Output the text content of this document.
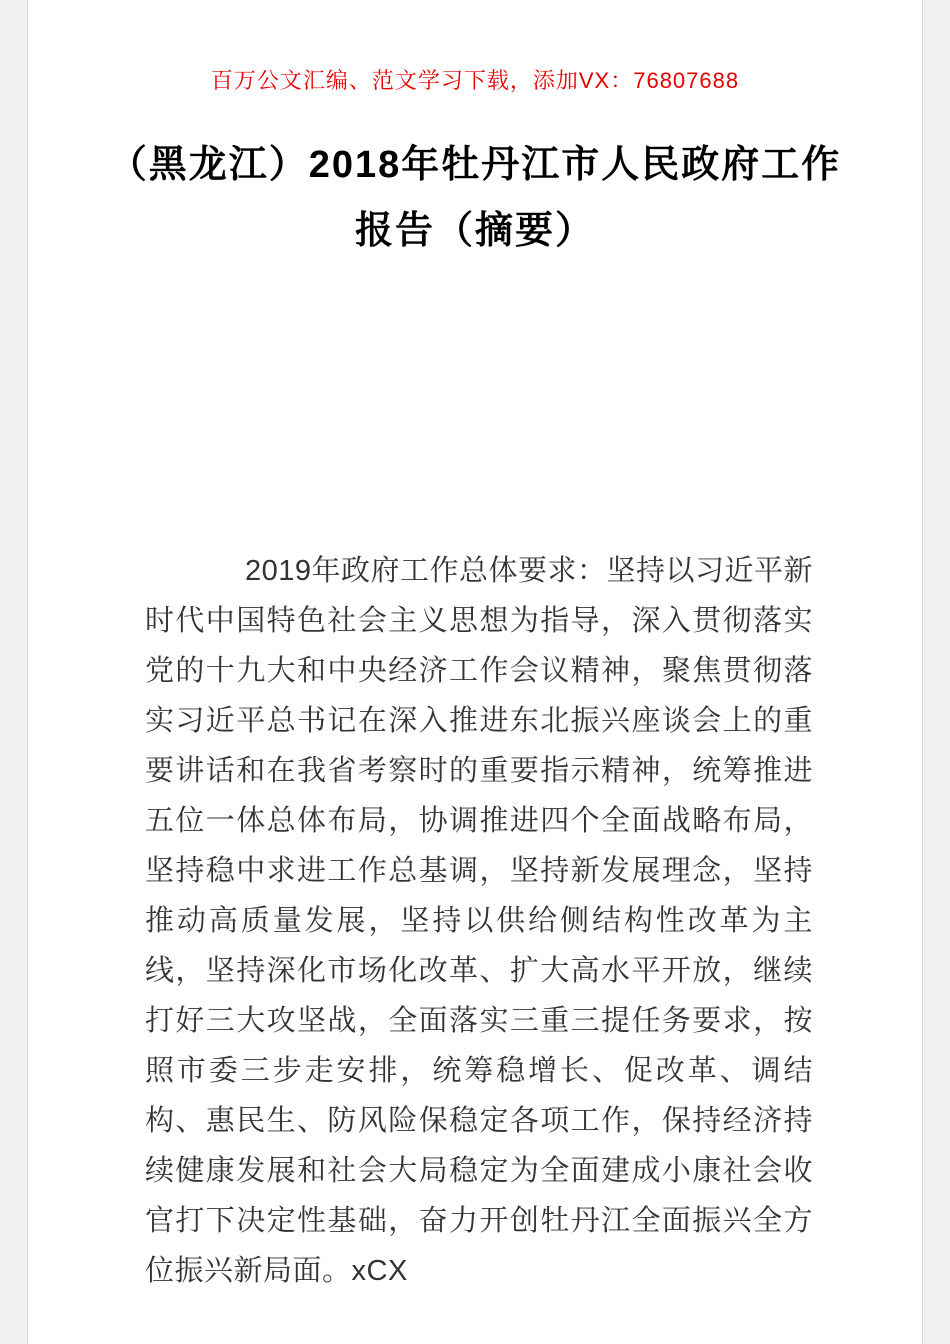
百万公文汇编、范文学习下载，添加VX：76807688
（黑龙江）2018年牡丹江市人民政府工作
报告（摘要）

2019年政府工作总体要求：坚持以习近平新时代中国特色社会主义思想为指导，深入贯彻落实党的十九大和中央经济工作会议精神，聚焦贯彻落实习近平总书记在深入推进东北振兴座谈会上的重要讲话和在我省考察时的重要指示精神，统筹推进五位一体总体布局，协调推进四个全面战略布局，坚持稳中求进工作总基调，坚持新发展理念，坚持推动高质量发展，坚持以供给侧结构性改革为主线，坚持深化市场化改革、扩大高水平开放，继续打好三大攻坚战，全面落实三重三提任务要求，按照市委三步走安排，统筹稳增长、促改革、调结构、惠民生、防风险保稳定各项工作，保持经济持续健康发展和社会大局稳定为全面建成小康社会收官打下决定性基础，奋力开创牡丹江全面振兴全方位振兴新局面。xCX
